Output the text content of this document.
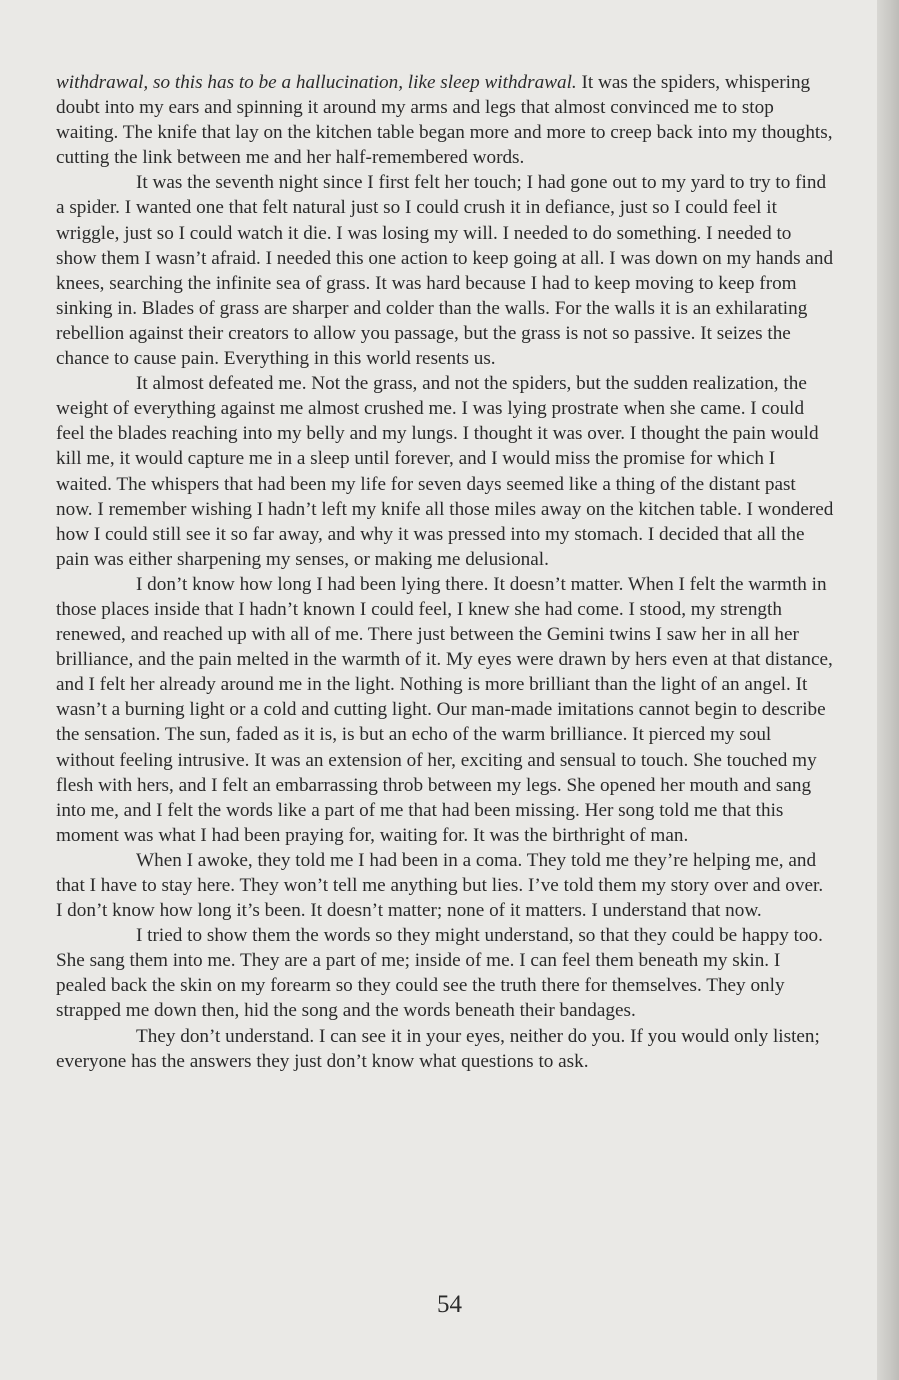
withdrawal, so this has to be a hallucination, like sleep withdrawal. It was the spiders, whispering doubt into my ears and spinning it around my arms and legs that almost convinced me to stop waiting. The knife that lay on the kitchen table began more and more to creep back into my thoughts, cutting the link between me and her half-remembered words.

It was the seventh night since I first felt her touch; I had gone out to my yard to try to find a spider. I wanted one that felt natural just so I could crush it in defiance, just so I could feel it wriggle, just so I could watch it die. I was losing my will. I needed to do something. I needed to show them I wasn’t afraid. I needed this one action to keep going at all. I was down on my hands and knees, searching the infinite sea of grass. It was hard because I had to keep moving to keep from sinking in. Blades of grass are sharper and colder than the walls. For the walls it is an exhilarating rebellion against their creators to allow you passage, but the grass is not so passive. It seizes the chance to cause pain. Everything in this world resents us.

It almost defeated me. Not the grass, and not the spiders, but the sudden realization, the weight of everything against me almost crushed me. I was lying prostrate when she came. I could feel the blades reaching into my belly and my lungs. I thought it was over. I thought the pain would kill me, it would capture me in a sleep until forever, and I would miss the promise for which I waited. The whispers that had been my life for seven days seemed like a thing of the distant past now. I remember wishing I hadn’t left my knife all those miles away on the kitchen table. I wondered how I could still see it so far away, and why it was pressed into my stomach. I decided that all the pain was either sharpening my senses, or making me delusional.

I don’t know how long I had been lying there. It doesn’t matter. When I felt the warmth in those places inside that I hadn’t known I could feel, I knew she had come. I stood, my strength renewed, and reached up with all of me. There just between the Gemini twins I saw her in all her brilliance, and the pain melted in the warmth of it. My eyes were drawn by hers even at that distance, and I felt her already around me in the light. Nothing is more brilliant than the light of an angel. It wasn’t a burning light or a cold and cutting light. Our man-made imitations cannot begin to describe the sensation. The sun, faded as it is, is but an echo of the warm brilliance. It pierced my soul without feeling intrusive. It was an extension of her, exciting and sensual to touch. She touched my flesh with hers, and I felt an embarrassing throb between my legs. She opened her mouth and sang into me, and I felt the words like a part of me that had been missing. Her song told me that this moment was what I had been praying for, waiting for. It was the birthright of man.

When I awoke, they told me I had been in a coma. They told me they’re helping me, and that I have to stay here. They won’t tell me anything but lies. I’ve told them my story over and over. I don’t know how long it’s been. It doesn’t matter; none of it matters. I understand that now.

I tried to show them the words so they might understand, so that they could be happy too. She sang them into me. They are a part of me; inside of me. I can feel them beneath my skin. I pealed back the skin on my forearm so they could see the truth there for themselves. They only strapped me down then, hid the song and the words beneath their bandages.

They don’t understand. I can see it in your eyes, neither do you. If you would only listen; everyone has the answers they just don’t know what questions to ask.

54
